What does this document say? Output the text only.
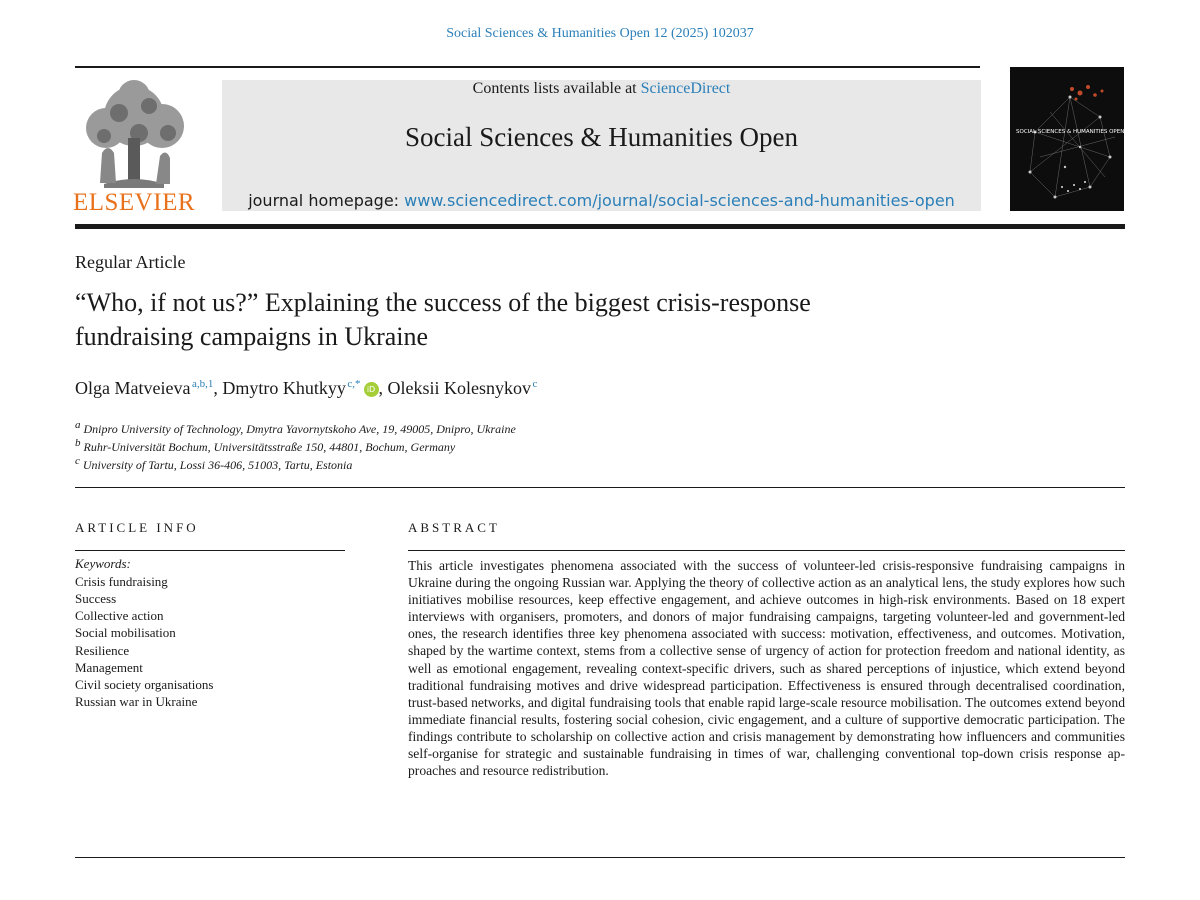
Social Sciences & Humanities Open 12 (2025) 102037
ELSEVIER
Contents lists available at ScienceDirect
Social Sciences & Humanities Open
journal homepage: www.sciencedirect.com/journal/social-sciences-and-humanities-open
SOCIAL SCIENCES & HUMANITIES OPEN
Regular Article
“Who, if not us?” Explaining the success of the biggest crisis-response
fundraising campaigns in Ukraine
Olga Matveieva  $^{a,b,1}$, Dmytro Khutkyy  $^{c,*}$ iD , Oleksii Kolesnykov  $^c$
$^a$ Dnipro University of Technology, Dmytra Yavornytskoho Ave, 19, 49005, Dnipro, Ukraine
$^b$ Ruhr-Universität Bochum, Universitätsstraße 150, 44801, Bochum, Germany
$^c$ University of Tartu, Lossi 36-406, 51003, Tartu, Estonia
ARTICLE INFO	ABSTRACT
Keywords:
Crisis fundraising
Success
Collective action
Social mobilisation
Resilience
Management
Civil society organisations
Russian war in Ukraine
This article investigates phenomena associated with the success of volunteer-led crisis-responsive fundraising campaigns in Ukraine during the ongoing Russian war. Applying the theory of collective action as an analytical lens, the study explores how such initiatives mobilise resources, keep effective engagement, and achieve outcomes in high-risk environments. Based on 18 expert interviews with organisers, promoters, and donors of major fundraising campaigns, targeting volunteer-led and government-led ones, the research identifies three key phenomena associated with success: motivation, effectiveness, and outcomes. Motivation, shaped by the wartime context, stems from a collective sense of urgency of action for protection freedom and national identity, as well as emotional engagement, revealing context-specific drivers, such as shared perceptions of injustice, which extend beyond traditional fundraising motives and drive widespread participation. Effectiveness is ensured through decentralised coordination, trust-based networks, and digital fundraising tools that enable rapid large-scale resource mobilisation. The outcomes extend beyond immediate financial results, fostering social cohesion, civic engagement, and a culture of supportive democratic participation. The findings contribute to scholarship on collective action and crisis management by demonstrating how influencers and communities self-organise for strategic and sustainable fundraising in times of war, challenging conventional top-down crisis response approaches and resource redistribution.
